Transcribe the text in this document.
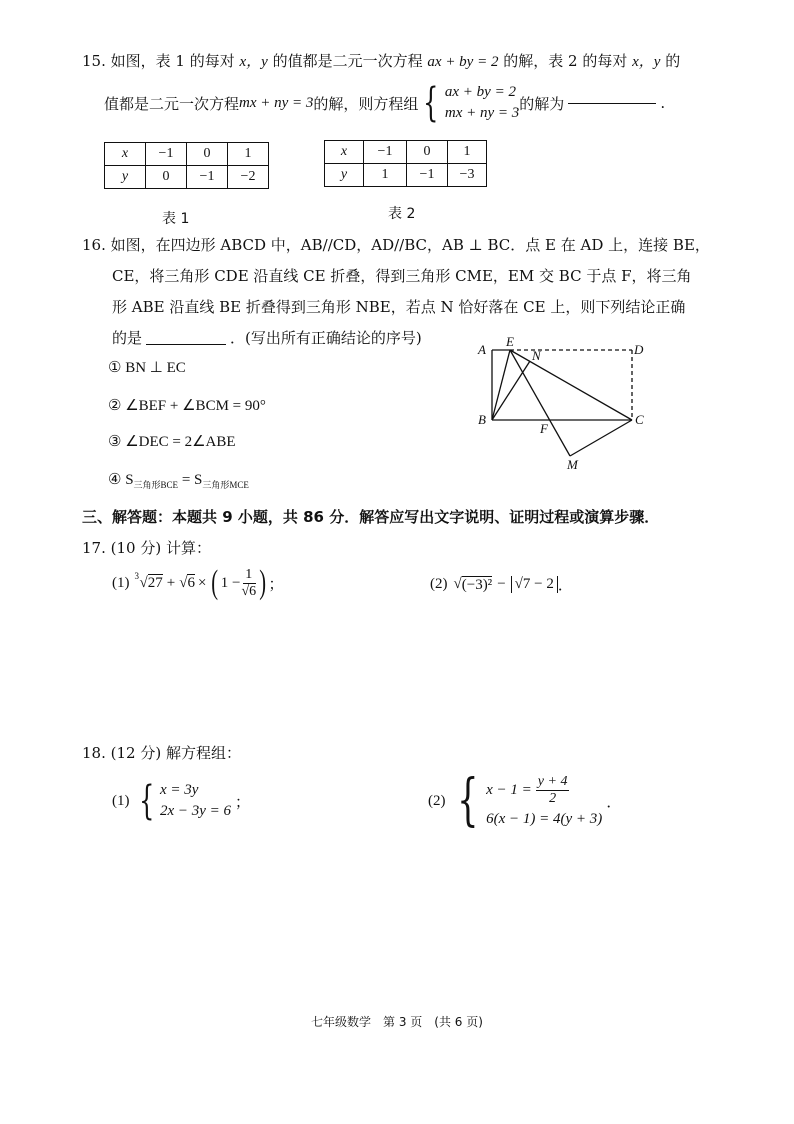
15. 如图，表 1 的每对 x，y 的值都是二元一次方程 ax + by = 2 的解，表 2 的每对 x，y 的
值都是二元一次方程 mx + ny = 3 的解，则方程组 { ax + by = 2
mx + ny = 3
的解为	.
x	−1	0	1
y	0	−1	−2
表 1
x	−1	0	1
y	1	−1	−3
表 2
16. 如图，在四边形 ABCD 中，AB//CD，AD//BC，AB ⊥ BC．点 E 在 AD 上，连接 BE，
CE，将三角形 CDE 沿直线 CE 折叠，得到三角形 CME，EM 交 BC 于点 F，将三角
形 ABE 沿直线 BE 折叠得到三角形 NBE，若点 N 恰好落在 CE 上，则下列结论正确
的是	．(写出所有正确结论的序号)
① BN ⊥ EC
② ∠BEF + ∠BCM = 90°
③ ∠DEC = 2∠ABE
④ $S_{三角形BCE} = S_{三角形MCE}$
A
E
N	D
B
F
C
M
三、解答题：本题共 9 小题，共 86 分．解答应写出文字说明、证明过程或演算步骤．
17. (10 分) 计算：
(1) 3 √27 + √ 6 × ( $1 - \frac{1}{√6}$ ) ；	(2) √ (−3)² − √7 − 2 ．
18. (12 分) 解方程组：
(1) { x = 3y
2x − 3y = 6
；	(2) { $x - 1 = \frac{y + 4}{2}$
6(x − 1) = 4(y + 3)
．
七年级数学　第 3 页　(共 6 页)
